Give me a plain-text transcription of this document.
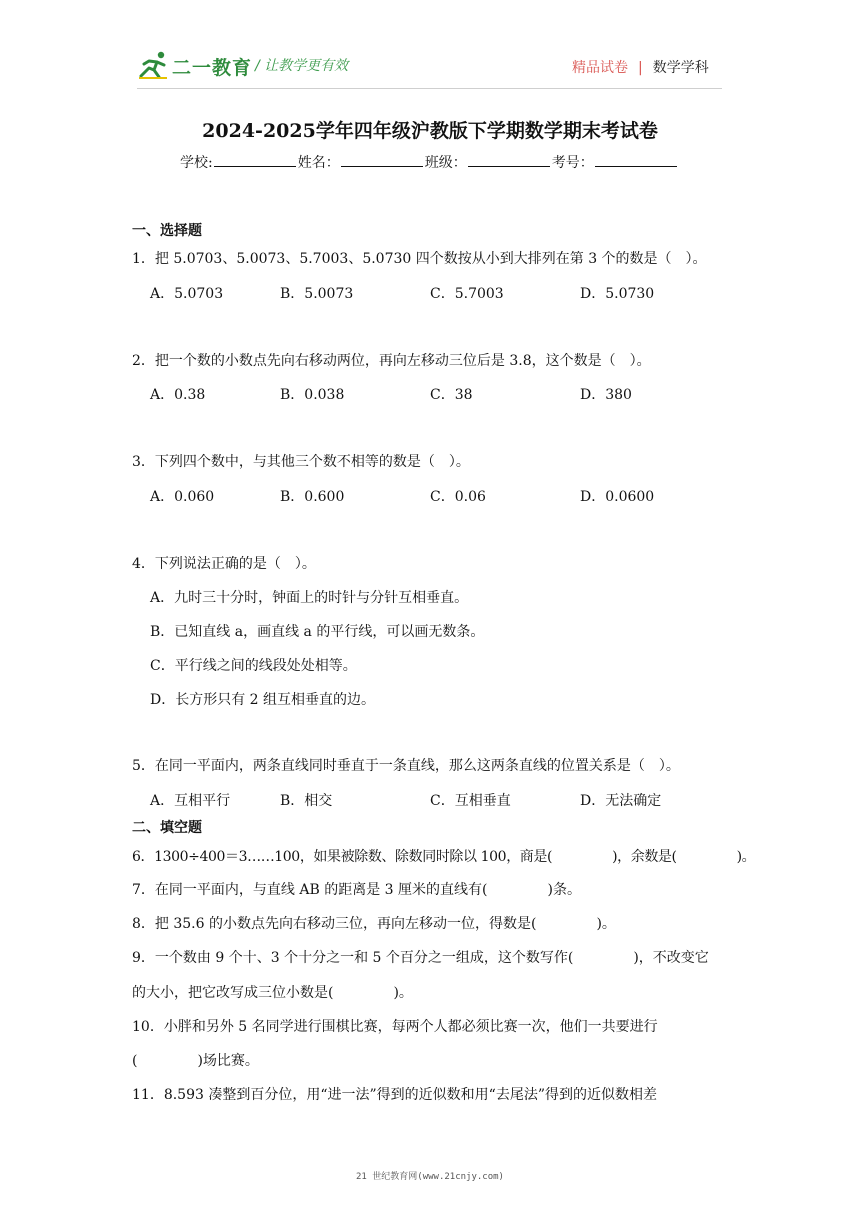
二一教育 / 让教学更有效	精品试卷 | 数学学科
2024-2025学年四年级沪教版下学期数学期末考试卷
学校:	姓名：	班级：	考号：
一、选择题
1．把 5.0703、5.0073、5.7003、5.0730 四个数按从小到大排列在第 3 个的数是（　）。
A．5.0703	B．5.0073	C．5.7003	D．5.0730
2．把一个数的小数点先向右移动两位，再向左移动三位后是 3.8，这个数是（　）。
A．0.38	B．0.038	C．38	D．380
3．下列四个数中，与其他三个数不相等的数是（　）。
A．0.060	B．0.600	C．0.06	D．0.0600
4．下列说法正确的是（　）。
A．九时三十分时，钟面上的时针与分针互相垂直。
B．已知直线 a，画直线 a 的平行线，可以画无数条。
C．平行线之间的线段处处相等。
D．长方形只有 2 组互相垂直的边。
5．在同一平面内，两条直线同时垂直于一条直线，那么这两条直线的位置关系是（　）。
A．互相平行	B．相交	C．互相垂直	D．无法确定
二、填空题
6．1300÷400＝3……100，如果被除数、除数同时除以 100，商是(	)，余数是(	)。
7．在同一平面内，与直线 AB 的距离是 3 厘米的直线有(	)条。
8．把 35.6 的小数点先向右移动三位，再向左移动一位，得数是(	)。
9．一个数由 9 个十、3 个十分之一和 5 个百分之一组成，这个数写作(	)，不改变它
的大小，把它改写成三位小数是(	)。
10．小胖和另外 5 名同学进行围棋比赛，每两个人都必须比赛一次，他们一共要进行
(	)场比赛。
11．8.593 凑整到百分位，用“进一法”得到的近似数和用“去尾法”得到的近似数相差
21 世纪教育网(www.21cnjy.com)
